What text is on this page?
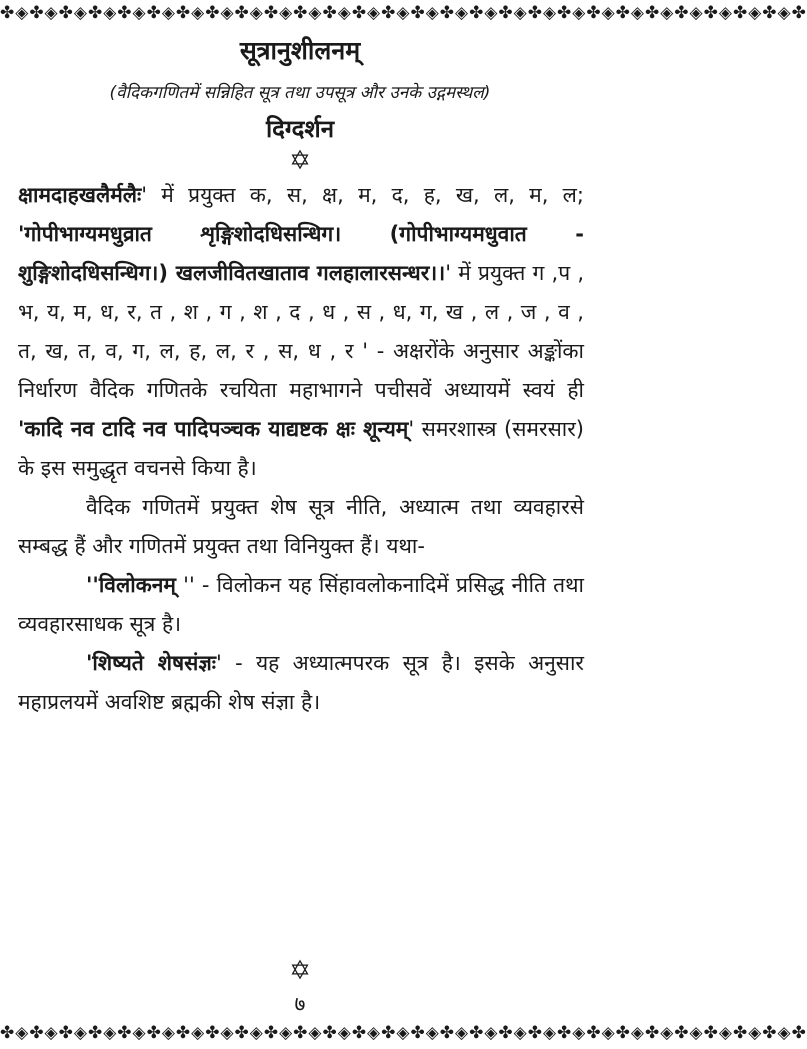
✤◈✤◈✤◈✤◈✤◈✤◈✤◈✤◈✤◈✤◈✤◈✤◈✤◈✤◈✤◈✤◈✤◈✤◈✤◈✤◈✤◈✤◈✤◈✤◈✤◈✤◈✤◈✤
सूत्रानुशीलनम्
(वैदिकगणितमें सन्निहित सूत्र तथा उपसूत्र और उनके उद्गमस्थल)
दिग्दर्शन
✡

क्षामदाहखलैर्मलैः' में प्रयुक्त क, स, क्ष, म, द, ह, ख, ल, म, ल; 'गोपीभाग्यमधुव्रात शृङ्गिशोदधिसन्धिग। (गोपीभाग्यमधुवात - शुङ्गिशोदधिसन्धिग।) खलजीवितखाताव गलहालारसन्धर।।' में प्रयुक्त ग ,प , भ, य, म, ध, र, त , श , ग , श , द , ध , स , ध, ग, ख , ल , ज , व , त, ख, त, व, ग, ल, ह, ल, र , स, ध , र ' - अक्षरोंके अनुसार अङ्कोंका निर्धारण वैदिक गणितके रचयिता महाभागने पचीसवें अध्यायमें स्वयं ही 'कादि नव टादि नव पादिपञ्चक याद्यष्टक क्षः शून्यम्' समरशास्त्र (समरसार) के इस समुद्धृत वचनसे किया है।

वैदिक गणितमें प्रयुक्त शेष सूत्र नीति, अध्यात्म तथा व्यवहारसे सम्बद्ध हैं और गणितमें प्रयुक्त तथा विनियुक्त हैं। यथा-

''विलोकनम् '' - विलोकन यह सिंहावलोकनादिमें प्रसिद्ध नीति तथा व्यवहारसाधक सूत्र है।

'शिष्यते शेषसंज्ञः' - यह अध्यात्मपरक सूत्र है। इसके अनुसार महाप्रलयमें अवशिष्ट ब्रह्मकी शेष संज्ञा है।

✡
७
✤◈✤◈✤◈✤◈✤◈✤◈✤◈✤◈✤◈✤◈✤◈✤◈✤◈✤◈✤◈✤◈✤◈✤◈✤◈✤◈✤◈✤◈✤◈✤◈✤◈✤◈✤◈✤
